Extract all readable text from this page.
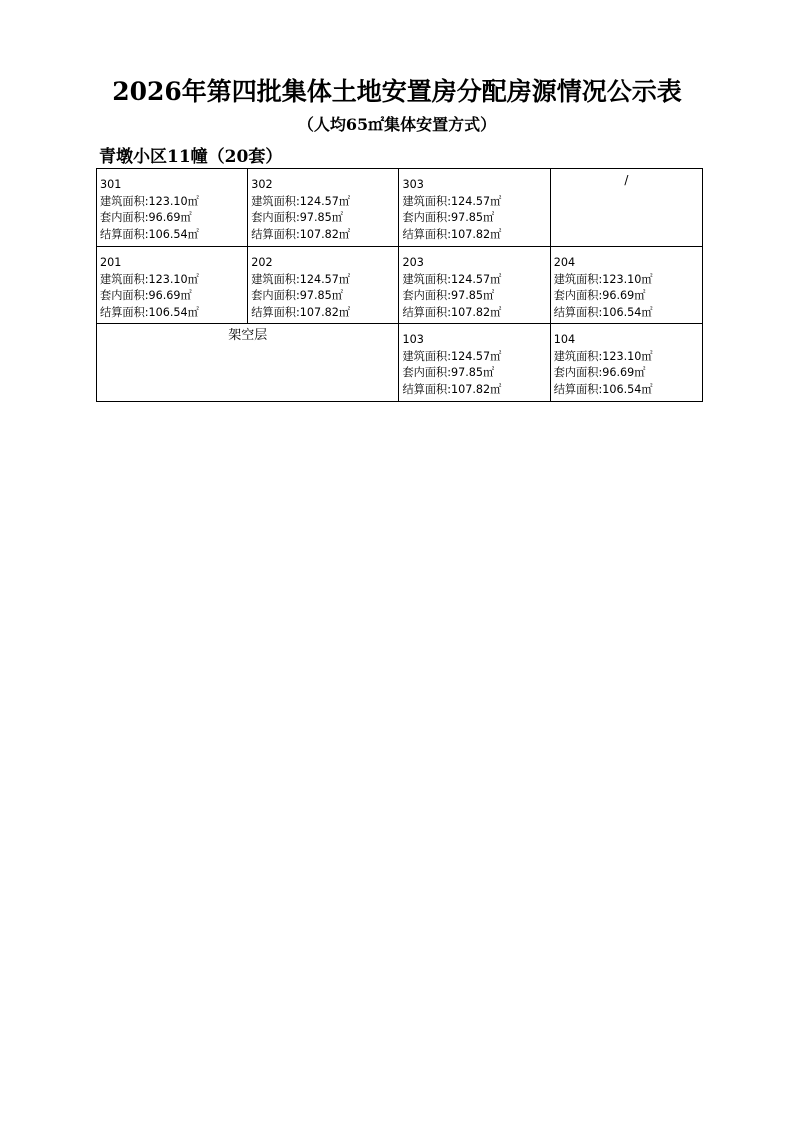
2026年第四批集体土地安置房分配房源情况公示表
（人均65㎡集体安置方式）
青墩小区11幢（20套）
301
建筑面积:123.10㎡
套内面积:96.69㎡
结算面积:106.54㎡	302
建筑面积:124.57㎡
套内面积:97.85㎡
结算面积:107.82㎡	303
建筑面积:124.57㎡
套内面积:97.85㎡
结算面积:107.82㎡	/

201
建筑面积:123.10㎡
套内面积:96.69㎡
结算面积:106.54㎡	202
建筑面积:124.57㎡
套内面积:97.85㎡
结算面积:107.82㎡	203
建筑面积:124.57㎡
套内面积:97.85㎡
结算面积:107.82㎡	204
建筑面积:123.10㎡
套内面积:96.69㎡
结算面积:106.54㎡

架空层		103
建筑面积:124.57㎡
套内面积:97.85㎡
结算面积:107.82㎡	104
建筑面积:123.10㎡
套内面积:96.69㎡
结算面积:106.54㎡
